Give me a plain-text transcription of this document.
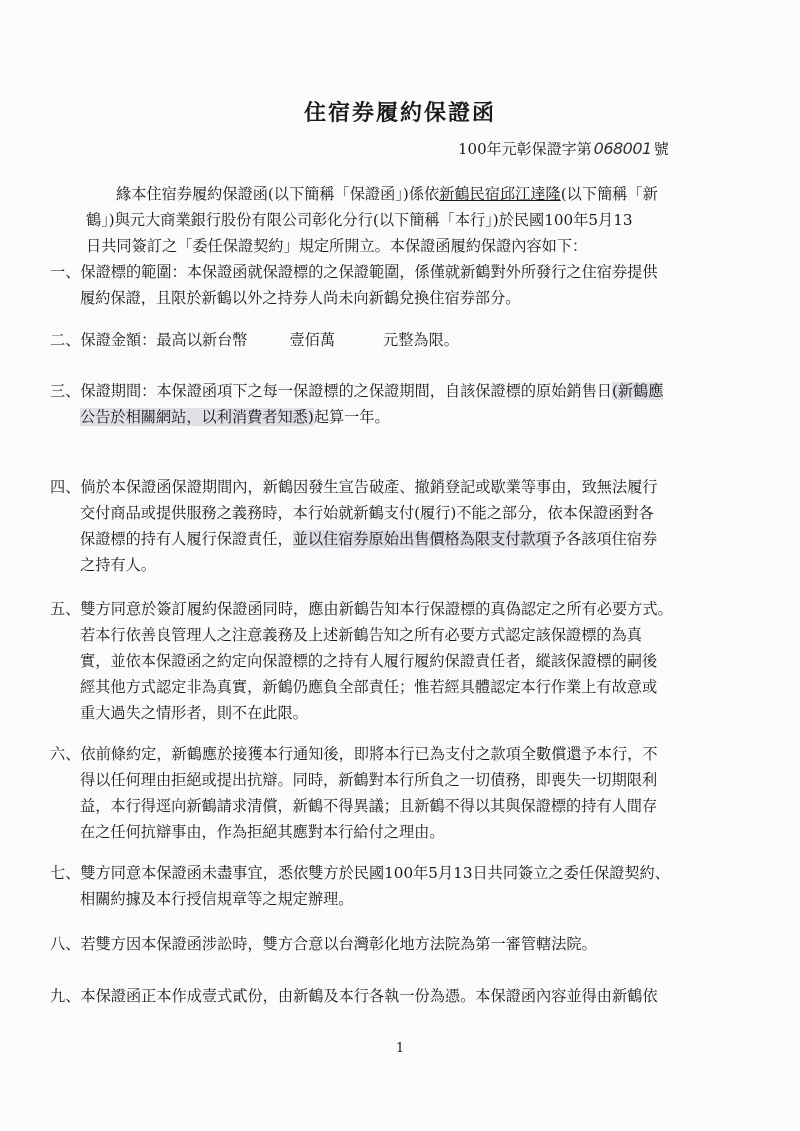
住宿券履約保證函
100年元彰保證字第 068001 號
緣本住宿券履約保證函(以下簡稱「保證函」)係依新鶴民宿邱江達隆(以下簡稱「新
鶴」)與元大商業銀行股份有限公司彰化分行(以下簡稱「本行」)於民國100年5月13
日共同簽訂之「委任保證契約」規定所開立。本保證函履約保證內容如下：
一、保證標的範圍：本保證函就保證標的之保證範圍，係僅就新鶴對外所發行之住宿券提供
履約保證，且限於新鶴以外之持券人尚未向新鶴兌換住宿券部分。
二、保證金額：最高以新台幣	壹佰萬	元整為限。
三、保證期間：本保證函項下之每一保證標的之保證期間，自該保證標的原始銷售日(新鶴應
公告於相關網站，以利消費者知悉)起算一年。
四、倘於本保證函保證期間內，新鶴因發生宣告破產、撤銷登記或歇業等事由，致無法履行
交付商品或提供服務之義務時，本行始就新鶴支付(履行)不能之部分，依本保證函對各
保證標的持有人履行保證責任，並以住宿券原始出售價格為限支付款項予各該項住宿券
之持有人。
五、雙方同意於簽訂履約保證函同時，應由新鶴告知本行保證標的真偽認定之所有必要方式。
若本行依善良管理人之注意義務及上述新鶴告知之所有必要方式認定該保證標的為真
實，並依本保證函之約定向保證標的之持有人履行履約保證責任者，縱該保證標的嗣後
經其他方式認定非為真實，新鶴仍應負全部責任；惟若經具體認定本行作業上有故意或
重大過失之情形者，則不在此限。
六、依前條約定，新鶴應於接獲本行通知後，即將本行已為支付之款項全數償還予本行，不
得以任何理由拒絕或提出抗辯。同時，新鶴對本行所負之一切債務，即喪失一切期限利
益，本行得逕向新鶴請求清償，新鶴不得異議；且新鶴不得以其與保證標的持有人間存
在之任何抗辯事由，作為拒絕其應對本行給付之理由。
七、雙方同意本保證函未盡事宜，悉依雙方於民國100年5月13日共同簽立之委任保證契約、
相關約據及本行授信規章等之規定辦理。
八、若雙方因本保證函涉訟時，雙方合意以台灣彰化地方法院為第一審管轄法院。
九、本保證函正本作成壹式貳份，由新鶴及本行各執一份為憑。本保證函內容並得由新鶴依
1
